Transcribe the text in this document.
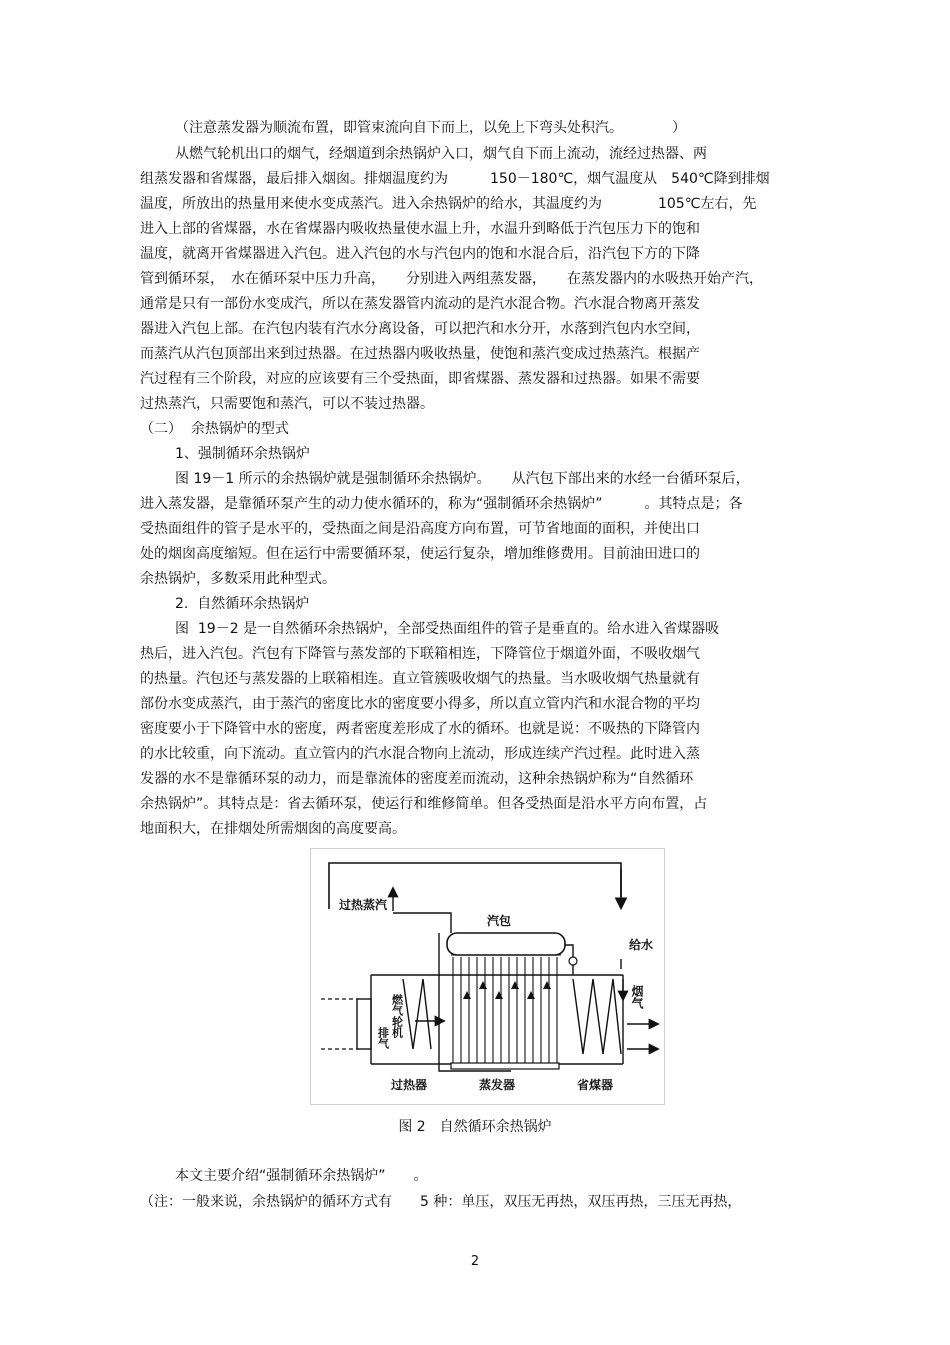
（注意蒸发器为顺流布置，即管束流向自下而上，以免上下弯头处积汽。　　　　）

从燃气轮机出口的烟气，经烟道到余热锅炉入口，烟气自下而上流动，流经过热器、两

组蒸发器和省煤器，最后排入烟囱。排烟温度约为　　　150－180℃，烟气温度从　540℃降到排烟

温度，所放出的热量用来使水变成蒸汽。进入余热锅炉的给水，其温度约为　　　　105℃左右，先

进入上部的省煤器，水在省煤器内吸收热量使水温上升，水温升到略低于汽包压力下的饱和

温度，就离开省煤器进入汽包。进入汽包的水与汽包内的饱和水混合后，沿汽包下方的下降

管到循环泵，　水在循环泵中压力升高，　　分别进入两组蒸发器，　　在蒸发器内的水吸热开始产汽，

通常是只有一部份水变成汽，所以在蒸发器管内流动的是汽水混合物。汽水混合物离开蒸发

器进入汽包上部。在汽包内装有汽水分离设备，可以把汽和水分开，水落到汽包内水空间，

而蒸汽从汽包顶部出来到过热器。在过热器内吸收热量，使饱和蒸汽变成过热蒸汽。根据产

汽过程有三个阶段，对应的应该要有三个受热面，即省煤器、蒸发器和过热器。如果不需要

过热蒸汽，只需要饱和蒸汽，可以不装过热器。

（二）  余热锅炉的型式

1、强制循环余热锅炉

图 19－1 所示的余热锅炉就是强制循环余热锅炉。　　从汽包下部出来的水经一台循环泵后，

进入蒸发器，是靠循环泵产生的动力使水循环的，称为“强制循环余热锅炉”　　　。其特点是；各

受热面组件的管子是水平的，受热面之间是沿高度方向布置，可节省地面的面积，并使出口

处的烟囱高度缩短。但在运行中需要循环泵，使运行复杂，增加维修费用。目前油田进口的

余热锅炉，多数采用此种型式。

2.  自然循环余热锅炉

图  19－2 是一自然循环余热锅炉，全部受热面组件的管子是垂直的。给水进入省煤器吸

热后，进入汽包。汽包有下降管与蒸发部的下联箱相连，下降管位于烟道外面，不吸收烟气

的热量。汽包还与蒸发器的上联箱相连。直立管簇吸收烟气的热量。当水吸收烟气热量就有

部份水变成蒸汽，由于蒸汽的密度比水的密度要小得多，所以直立管内汽和水混合物的平均

密度要小于下降管中水的密度，两者密度差形成了水的循环。也就是说：不吸热的下降管内

的水比较重，向下流动。直立管内的汽水混合物向上流动，形成连续产汽过程。此时进入蒸

发器的水不是靠循环泵的动力，而是靠流体的密度差而流动，这种余热锅炉称为“自然循环

余热锅炉”。其特点是：省去循环泵，使运行和维修简单。但各受热面是沿水平方向布置，占

地面积大，在排烟处所需烟囱的高度要高。

过热蒸汽
汽包
给水
排气 燃气轮机	烟气
过热器	蒸发器	省煤器
图 2　自然循环余热锅炉

本文主要介绍“强制循环余热锅炉”　　。

（注：一般来说，余热锅炉的循环方式有　　5 种：单压，双压无再热，双压再热，三压无再热，

2
